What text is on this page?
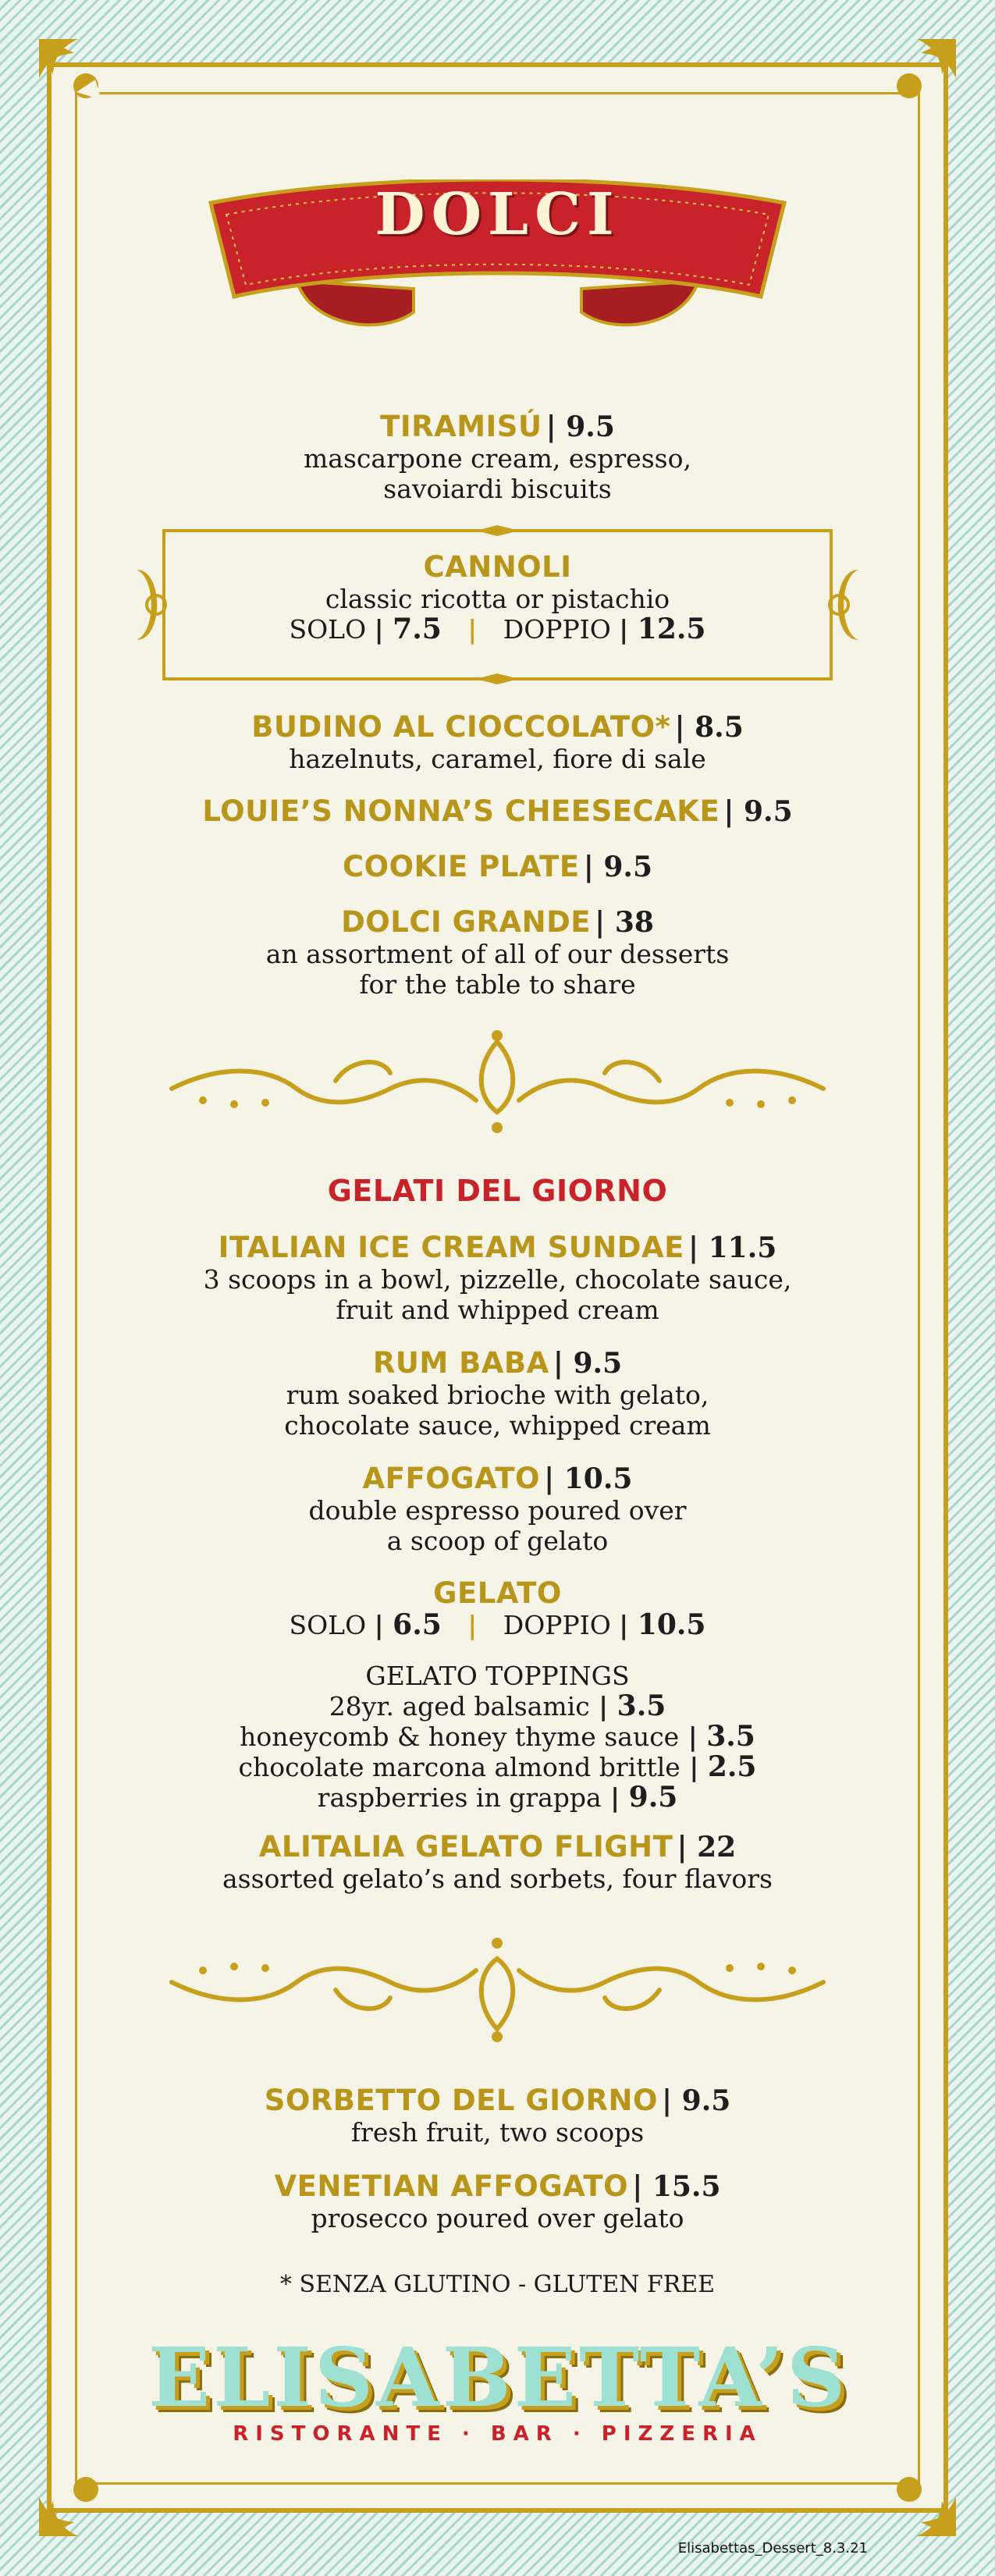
DOLCI
TIRAMISÚ | 9.5
mascarpone cream, espresso,
savoiardi biscuits
CANNOLI
classic ricotta or pistachio
SOLO | 7.5   |   DOPPIO | 12.5
BUDINO AL CIOCCOLATO* | 8.5
hazelnuts, caramel, fiore di sale
LOUIE’S NONNA’S CHEESECAKE | 9.5
COOKIE PLATE | 9.5
DOLCI GRANDE | 38
an assortment of all of our desserts
for the table to share
GELATI DEL GIORNO
ITALIAN ICE CREAM SUNDAE | 11.5
3 scoops in a bowl, pizzelle, chocolate sauce,
fruit and whipped cream
RUM BABA | 9.5
rum soaked brioche with gelato,
chocolate sauce, whipped cream
AFFOGATO | 10.5
double espresso poured over
a scoop of gelato
GELATO
SOLO | 6.5   |   DOPPIO | 10.5
GELATO TOPPINGS
28yr. aged balsamic | 3.5
honeycomb & honey thyme sauce | 3.5
chocolate marcona almond brittle | 2.5
raspberries in grappa | 9.5
ALITALIA GELATO FLIGHT | 22
assorted gelato’s and sorbets, four flavors
SORBETTO DEL GIORNO | 9.5
fresh fruit, two scoops
VENETIAN AFFOGATO | 15.5
prosecco poured over gelato
* SENZA GLUTINO - GLUTEN FREE
ELISABETTA’S
RISTORANTE · BAR · PIZZERIA
Elisabettas_Dessert_8.3.21
